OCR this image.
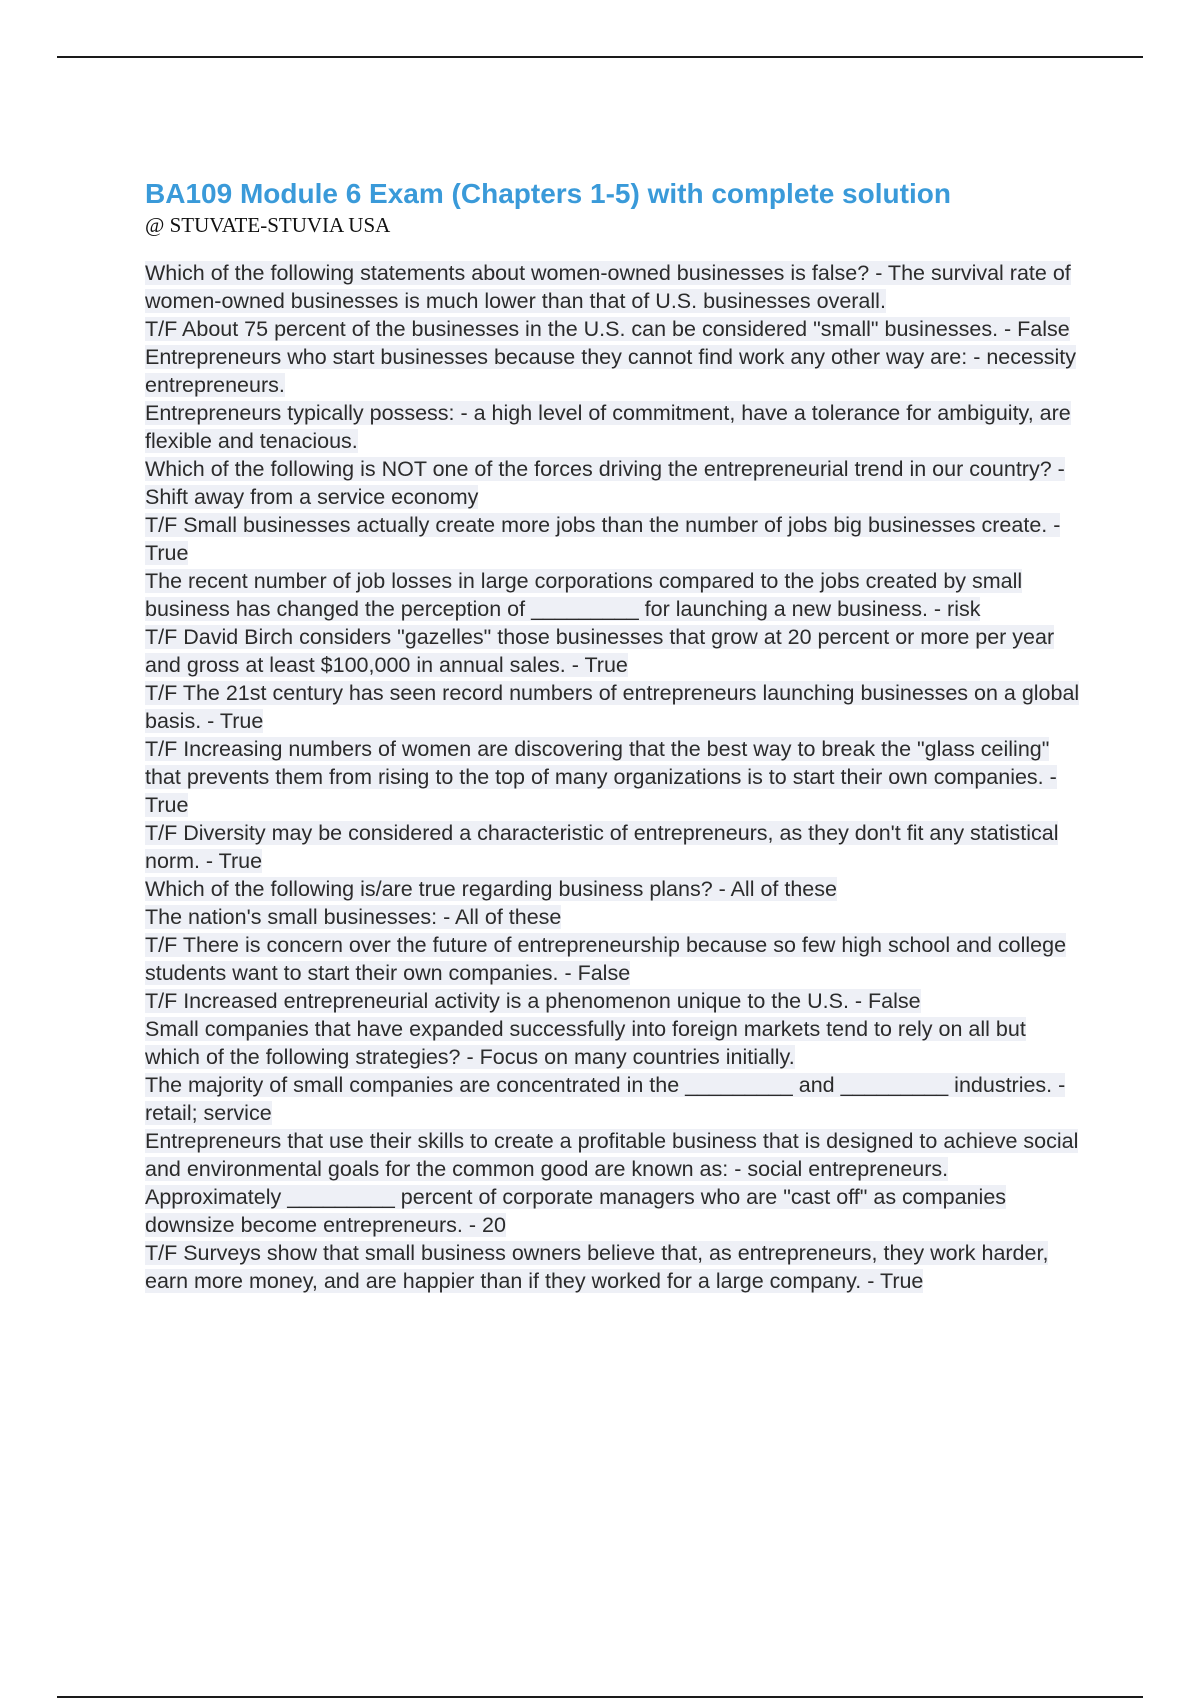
BA109 Module 6 Exam (Chapters 1-5) with complete solution

@ STUVATE-STUVIA USA

Which of the following statements about women-owned businesses is false? - The survival rate of women-owned businesses is much lower than that of U.S. businesses overall.

T/F About 75 percent of the businesses in the U.S. can be considered "small" businesses. - False

Entrepreneurs who start businesses because they cannot find work any other way are: - necessity entrepreneurs.

Entrepreneurs typically possess: - a high level of commitment, have a tolerance for ambiguity, are flexible and tenacious.

Which of the following is NOT one of the forces driving the entrepreneurial trend in our country? - Shift away from a service economy

T/F Small businesses actually create more jobs than the number of jobs big businesses create. - True

The recent number of job losses in large corporations compared to the jobs created by small business has changed the perception of _________ for launching a new business. - risk

T/F David Birch considers "gazelles" those businesses that grow at 20 percent or more per year and gross at least $100,000 in annual sales. - True

T/F The 21st century has seen record numbers of entrepreneurs launching businesses on a global basis. - True

T/F Increasing numbers of women are discovering that the best way to break the "glass ceiling" that prevents them from rising to the top of many organizations is to start their own companies. - True

T/F Diversity may be considered a characteristic of entrepreneurs, as they don't fit any statistical norm. - True

Which of the following is/are true regarding business plans? - All of these

The nation's small businesses: - All of these

T/F There is concern over the future of entrepreneurship because so few high school and college students want to start their own companies. - False

T/F Increased entrepreneurial activity is a phenomenon unique to the U.S. - False

Small companies that have expanded successfully into foreign markets tend to rely on all but which of the following strategies? - Focus on many countries initially.

The majority of small companies are concentrated in the _________ and _________ industries. - retail; service

Entrepreneurs that use their skills to create a profitable business that is designed to achieve social and environmental goals for the common good are known as: - social entrepreneurs.

Approximately _________ percent of corporate managers who are "cast off" as companies downsize become entrepreneurs. - 20

T/F Surveys show that small business owners believe that, as entrepreneurs, they work harder, earn more money, and are happier than if they worked for a large company. - True
